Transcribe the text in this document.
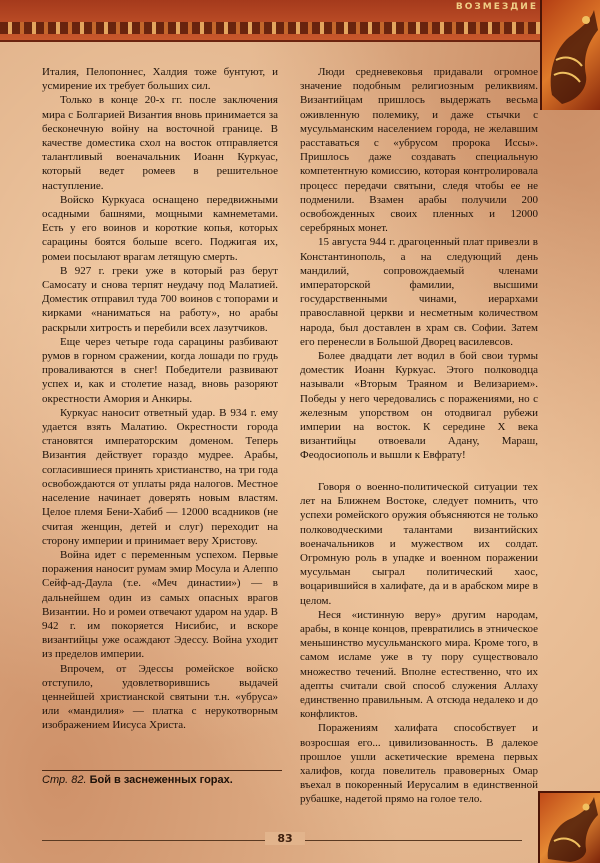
ВОЗМЕЗДИЕ

Италия, Пелопоннес, Халдия тоже бунтуют, и усмирение их требует больших сил.

Только в конце 20-х гг. после заключения мира с Болгарией Византия вновь принимается за бесконечную войну на восточной границе. В качестве доместика схол на восток отправляется талантливый военачальник Иоанн Куркуас, который ведет ромеев в решительное наступление.

Войско Куркуаса оснащено передвижными осадными башнями, мощными камнеметами. Есть у его воинов и короткие копья, которых сарацины боятся больше всего. Поджигая их, ромеи посылают врагам летящую смерть.

В 927 г. греки уже в который раз берут Самосату и снова терпят неудачу под Малатией. Доместик отправил туда 700 воинов с топорами и кирками «наниматься на работу», но арабы раскрыли хитрость и перебили всех лазутчиков.

Еще через четыре года сарацины разбивают румов в горном сражении, когда лошади по грудь проваливаются в снег! Победители развивают успех и, как и столетие назад, вновь разоряют окрестности Амория и Анкиры.

Куркуас наносит ответный удар. В 934 г. ему удается взять Малатию. Окрестности города становятся императорским доменом. Теперь Византия действует гораздо мудрее. Арабы, согласившиеся принять христианство, на три года освобождаются от уплаты ряда налогов. Местное население начинает доверять новым властям. Целое племя Бени-Хабиб — 12000 всадников (не считая женщин, детей и слуг) переходит на сторону империи и принимает веру Христову.

Война идет с переменным успехом. Первые поражения наносит румам эмир Мосула и Алеппо Сейф-ад-Даула (т.е. «Меч династии») — в дальнейшем один из самых опасных врагов Византии. Но и ромеи отвечают ударом на удар. В 942 г. им покоряется Нисибис, и вскоре византийцы уже осаждают Эдессу. Война уходит из пределов империи.

Впрочем, от Эдессы ромейское войско отступило, удовлетворившись выдачей ценнейшей христианской святыни т.н. «убруса» или «мандилия» — платка с нерукотворным изображением Иисуса Христа.

Люди средневековья придавали огромное значение подобным религиозным реликвиям. Византийцам пришлось выдержать весьма оживленную полемику, и даже стычки с мусульманским населением города, не желавшим расставаться с «убрусом пророка Иссы». Пришлось даже создавать специальную компетентную комиссию, которая контролировала процесс передачи святыни, следя чтобы ее не подменили. Взамен арабы получили 200 освобожденных своих пленных и 12000 серебряных монет.

15 августа 944 г. драгоценный плат привезли в Константинополь, а на следующий день мандилий, сопровождаемый членами императорской фамилии, высшими государственными чинами, иерархами православной церкви и несметным количеством народа, был доставлен в храм св. Софии. Затем его перенесли в Большой Дворец василевсов.

Более двадцати лет водил в бой свои турмы доместик Иоанн Куркуас. Этого полководца называли «Вторым Траяном и Велизарием». Победы у него чередовались с поражениями, но с железным упорством он отодвигал рубежи империи на восток. К середине X века византийцы отвоевали Адану, Мараш, Феодосиополь и вышли к Евфрату!

Говоря о военно-политической ситуации тех лет на Ближнем Востоке, следует помнить, что успехи ромейского оружия объясняются не только полководческими талантами византийских военачальников и мужеством их солдат. Огромную роль в упадке и военном поражении мусульман сыграл политический хаос, воцарившийся в халифате, да и в арабском мире в целом.

Неся «истинную веру» другим народам, арабы, в конце концов, превратились в этническое меньшинство мусульманского мира. Кроме того, в самом исламе уже в ту пору существовало множество течений. Вполне естественно, что их адепты считали свой способ служения Аллаху единственно правильным. А отсюда недалеко и до конфликтов.

Поражениям халифата способствует и возросшая его... цивилизованность. В далекое прошлое ушли аскетические времена первых халифов, когда повелитель правоверных Омар въехал в покоренный Иерусалим в единственной рубашке, надетой прямо на голое тело.

Стр. 82. Бой в заснеженных горах.
83
